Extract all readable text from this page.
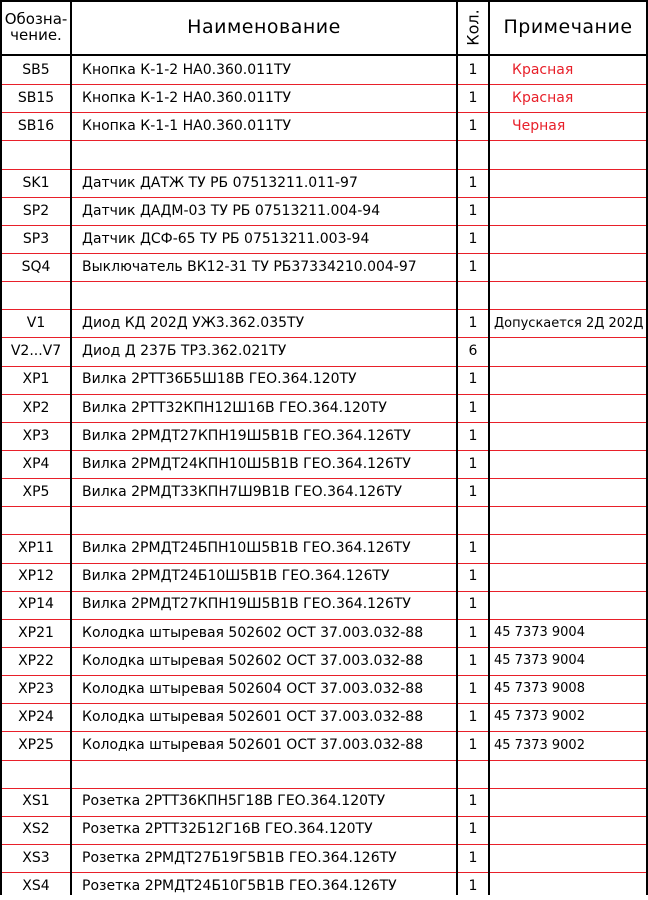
Обозна-
чение.	Наименование	Кол.	Примечание
SB5	Кнопка К-1-2 НА0.360.011ТУ	1	Красная
SB15	Кнопка К-1-2 НА0.360.011ТУ	1	Красная
SB16	Кнопка К-1-1 НА0.360.011ТУ	1	Черная
SK1	Датчик ДАТЖ ТУ РБ 07513211.011-97	1
SP2	Датчик ДАДМ-03 ТУ РБ 07513211.004-94	1
SP3	Датчик ДСФ-65 ТУ РБ 07513211.003-94	1
SQ4	Выключатель ВК12-31 ТУ РБ37334210.004-97	1
V1	Диод КД 202Д УЖ3.362.035ТУ	1	Допускается 2Д 202Д
V2...V7	Диод Д 237Б ТР3.362.021ТУ	6
XP1	Вилка 2РТТ36Б5Ш18В ГЕО.364.120ТУ	1
XP2	Вилка 2РТТ32КПН12Ш16В ГЕО.364.120ТУ	1
XP3	Вилка 2РМДТ27КПН19Ш5В1В ГЕО.364.126ТУ	1
XP4	Вилка 2РМДТ24КПН10Ш5В1В ГЕО.364.126ТУ	1
XP5	Вилка 2РМДТ33КПН7Ш9В1В ГЕО.364.126ТУ	1
XP11	Вилка 2РМДТ24БПН10Ш5В1В ГЕО.364.126ТУ	1
XP12	Вилка 2РМДТ24Б10Ш5В1В ГЕО.364.126ТУ	1
XP14	Вилка 2РМДТ27КПН19Ш5В1В ГЕО.364.126ТУ	1
XP21	Колодка штыревая 502602 ОСТ 37.003.032-88	1	45 7373 9004
XP22	Колодка штыревая 502602 ОСТ 37.003.032-88	1	45 7373 9004
XP23	Колодка штыревая 502604 ОСТ 37.003.032-88	1	45 7373 9008
XP24	Колодка штыревая 502601 ОСТ 37.003.032-88	1	45 7373 9002
XP25	Колодка штыревая 502601 ОСТ 37.003.032-88	1	45 7373 9002
XS1	Розетка 2РТТ36КПН5Г18В ГЕО.364.120ТУ	1
XS2	Розетка 2РТТ32Б12Г16В ГЕО.364.120ТУ	1
XS3	Розетка 2РМДТ27Б19Г5В1В ГЕО.364.126ТУ	1
XS4	Розетка 2РМДТ24Б10Г5В1В ГЕО.364.126ТУ	1
